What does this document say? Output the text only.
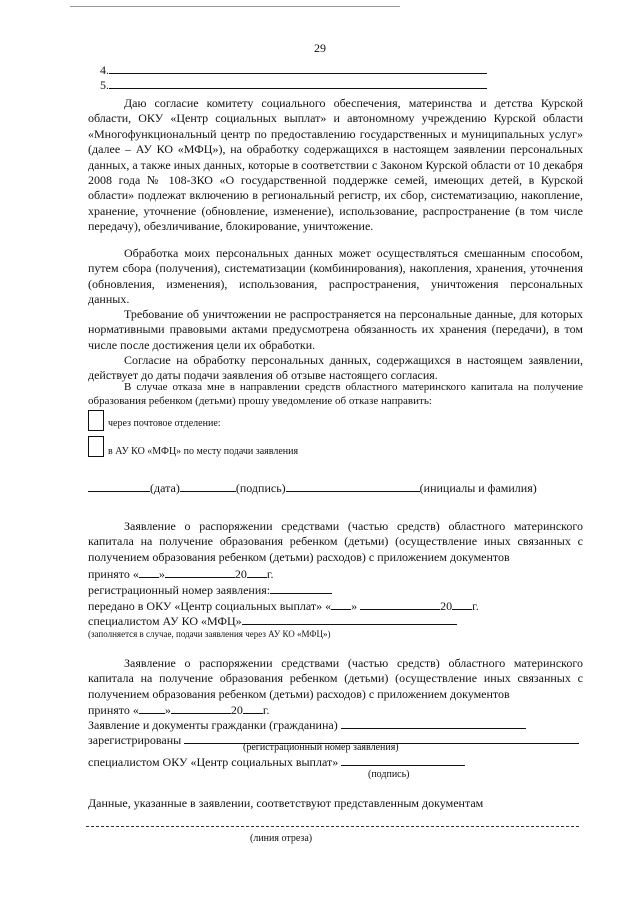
29
4.
5.
Даю согласие комитету социального обеспечения, материнства и детства Курской области, ОКУ «Центр социальных выплат» и автономному учреждению Курской области «Многофункциональный центр по предоставлению государственных и муниципальных услуг» (далее – АУ КО «МФЦ»), на обработку содержащихся в настоящем заявлении персональных данных, а также иных данных, которые в соответствии с Законом Курской области от 10 декабря 2008 года № 108-ЗКО «О государственной поддержке семей, имеющих детей, в Курской области» подлежат включению в региональный регистр, их сбор, систематизацию, накопление, хранение, уточнение (обновление, изменение), использование, распространение (в том числе передачу), обезличивание, блокирование, уничтожение.
Обработка моих персональных данных может осуществляться смешанным способом, путем сбора (получения), систематизации (комбинирования), накопления, хранения, уточнения (обновления, изменения), использования, распространения, уничтожения персональных данных.
Требование об уничтожении не распространяется на персональные данные, для которых нормативными правовыми актами предусмотрена обязанность их хранения (передачи), в том числе после достижения цели их обработки.
Согласие на обработку персональных данных, содержащихся в настоящем заявлении, действует до даты подачи заявления об отзыве настоящего согласия.
В случае отказа мне в направлении средств областного материнского капитала на получение образования ребенком (детьми) прошу уведомление об отказе направить:
через почтовое отделение:
в АУ КО «МФЦ» по месту подачи заявления
(дата)	(подпись)	(инициалы и фамилия)
Заявление о распоряжении средствами (частью средств) областного материнского капитала на получение образования ребенком (детьми) (осуществление иных связанных с получением образования ребенком (детьми) расходов) с приложением документов
принято « »	20 г.
регистрационный номер заявления:
передано в ОКУ «Центр социальных выплат» « »	20 г.
специалистом АУ КО «МФЦ»
(заполняется в случае, подачи заявления через АУ КО «МФЦ»)
Заявление о распоряжении средствами (частью средств) областного материнского капитала на получение образования ребенком (детьми) (осуществление иных связанных с получением образования ребенком (детьми) расходов) с приложением документов
принято « »	20 г.
Заявление и документы гражданки (гражданина)
зарегистрированы
(регистрационный номер заявления)
специалистом ОКУ «Центр социальных выплат»
(подпись)
Данные, указанные в заявлении, соответствуют представленным документам
(линия отреза)
